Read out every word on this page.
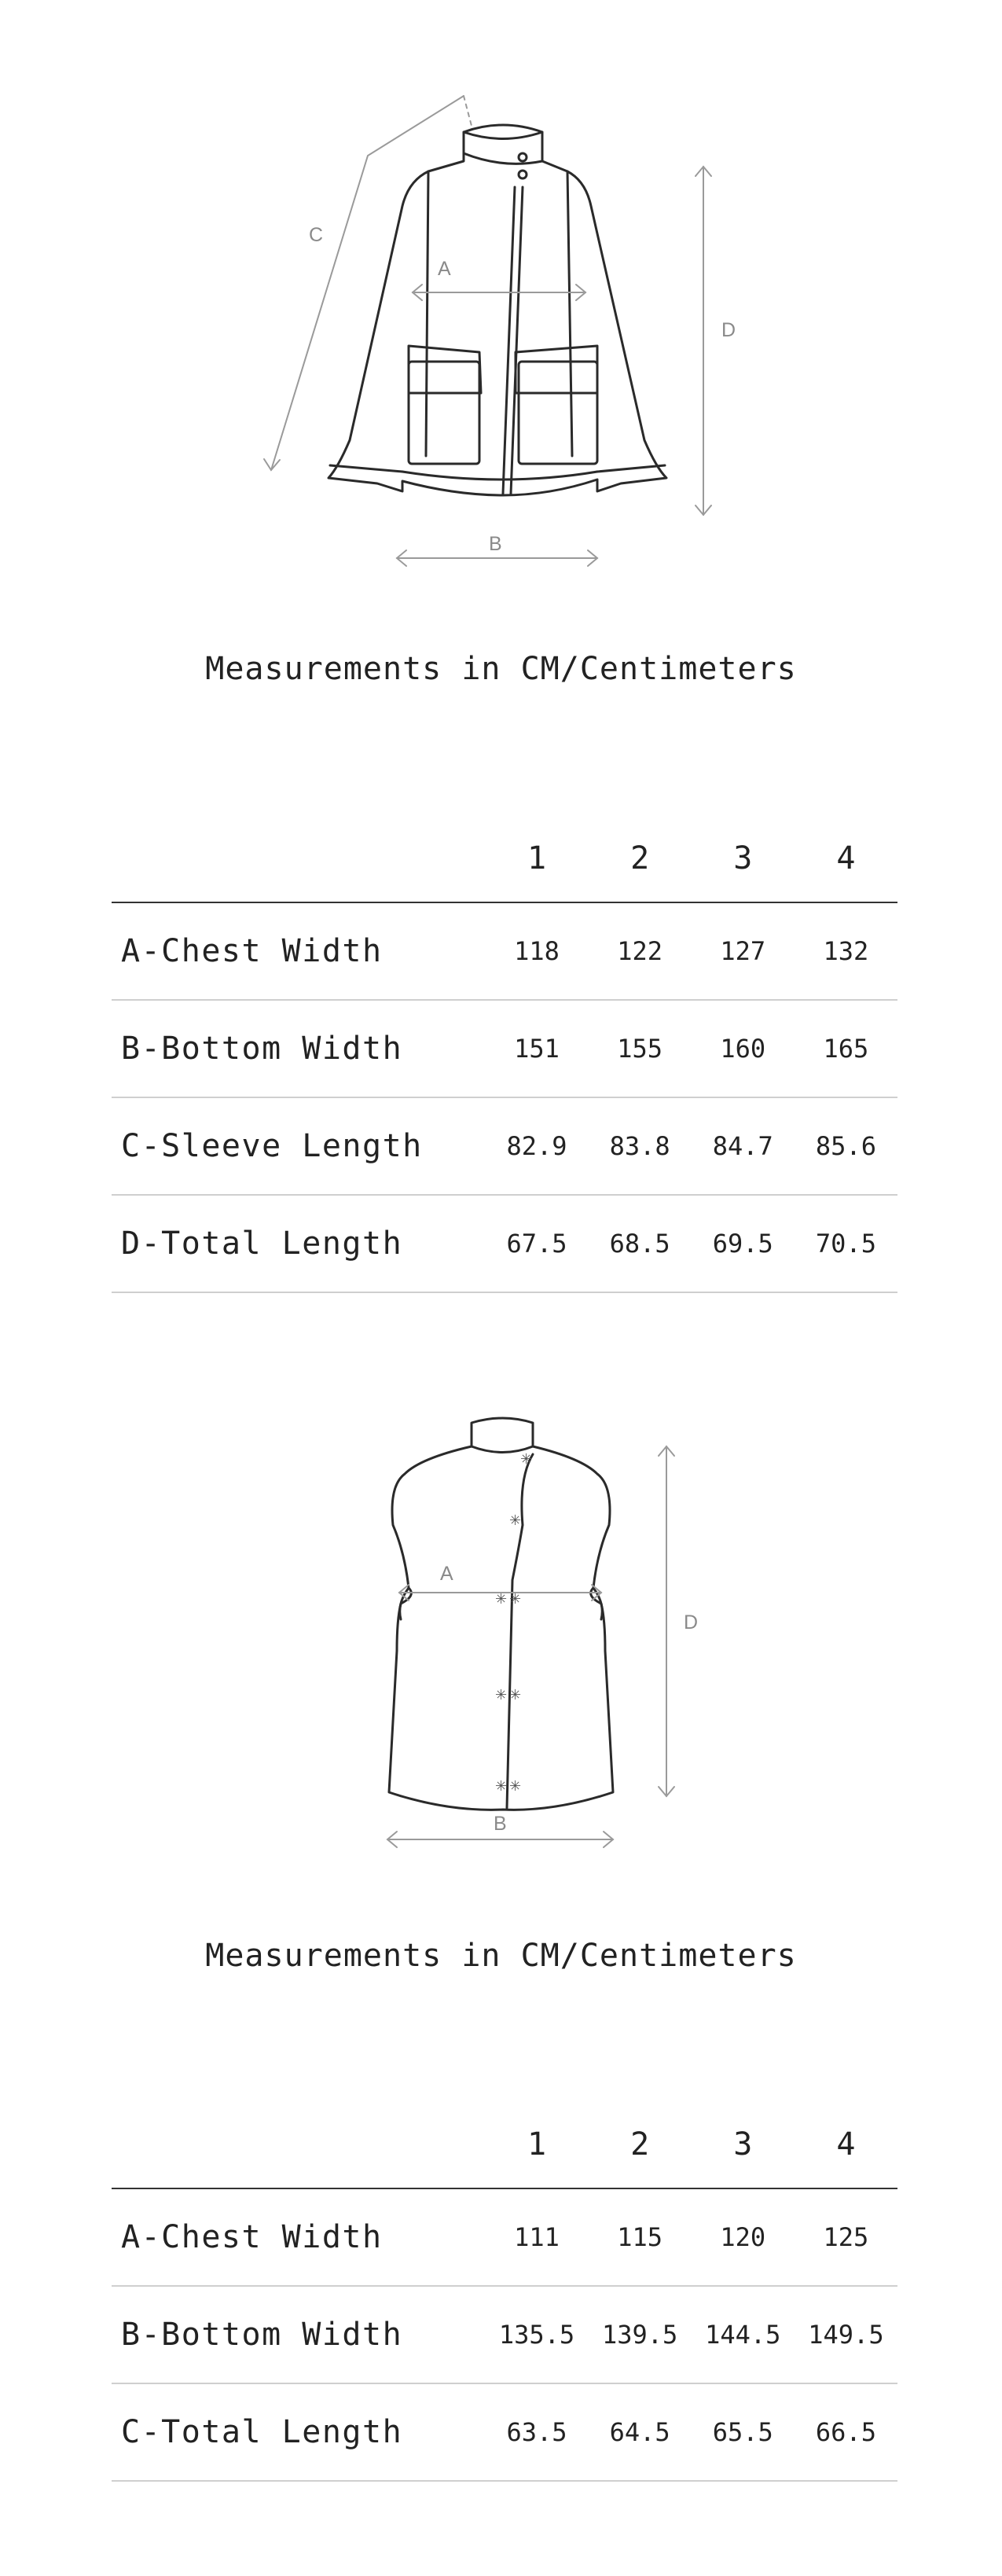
C
A
D
B
Measurements in CM/Centimeters
	1	2	3	4
A-Chest Width	118	122	127	132
B-Bottom Width	151	155	160	165
C-Sleeve Length	82.9	83.8	84.7	85.6
D-Total Length	67.5	68.5	69.5	70.5
✳
✳
✳ ✳
✳ ✳
✳ ✳
A
D
B
Measurements in CM/Centimeters
	1	2	3	4
A-Chest Width	111	115	120	125
B-Bottom Width	135.5	139.5	144.5	149.5
C-Total Length	63.5	64.5	65.5	66.5
